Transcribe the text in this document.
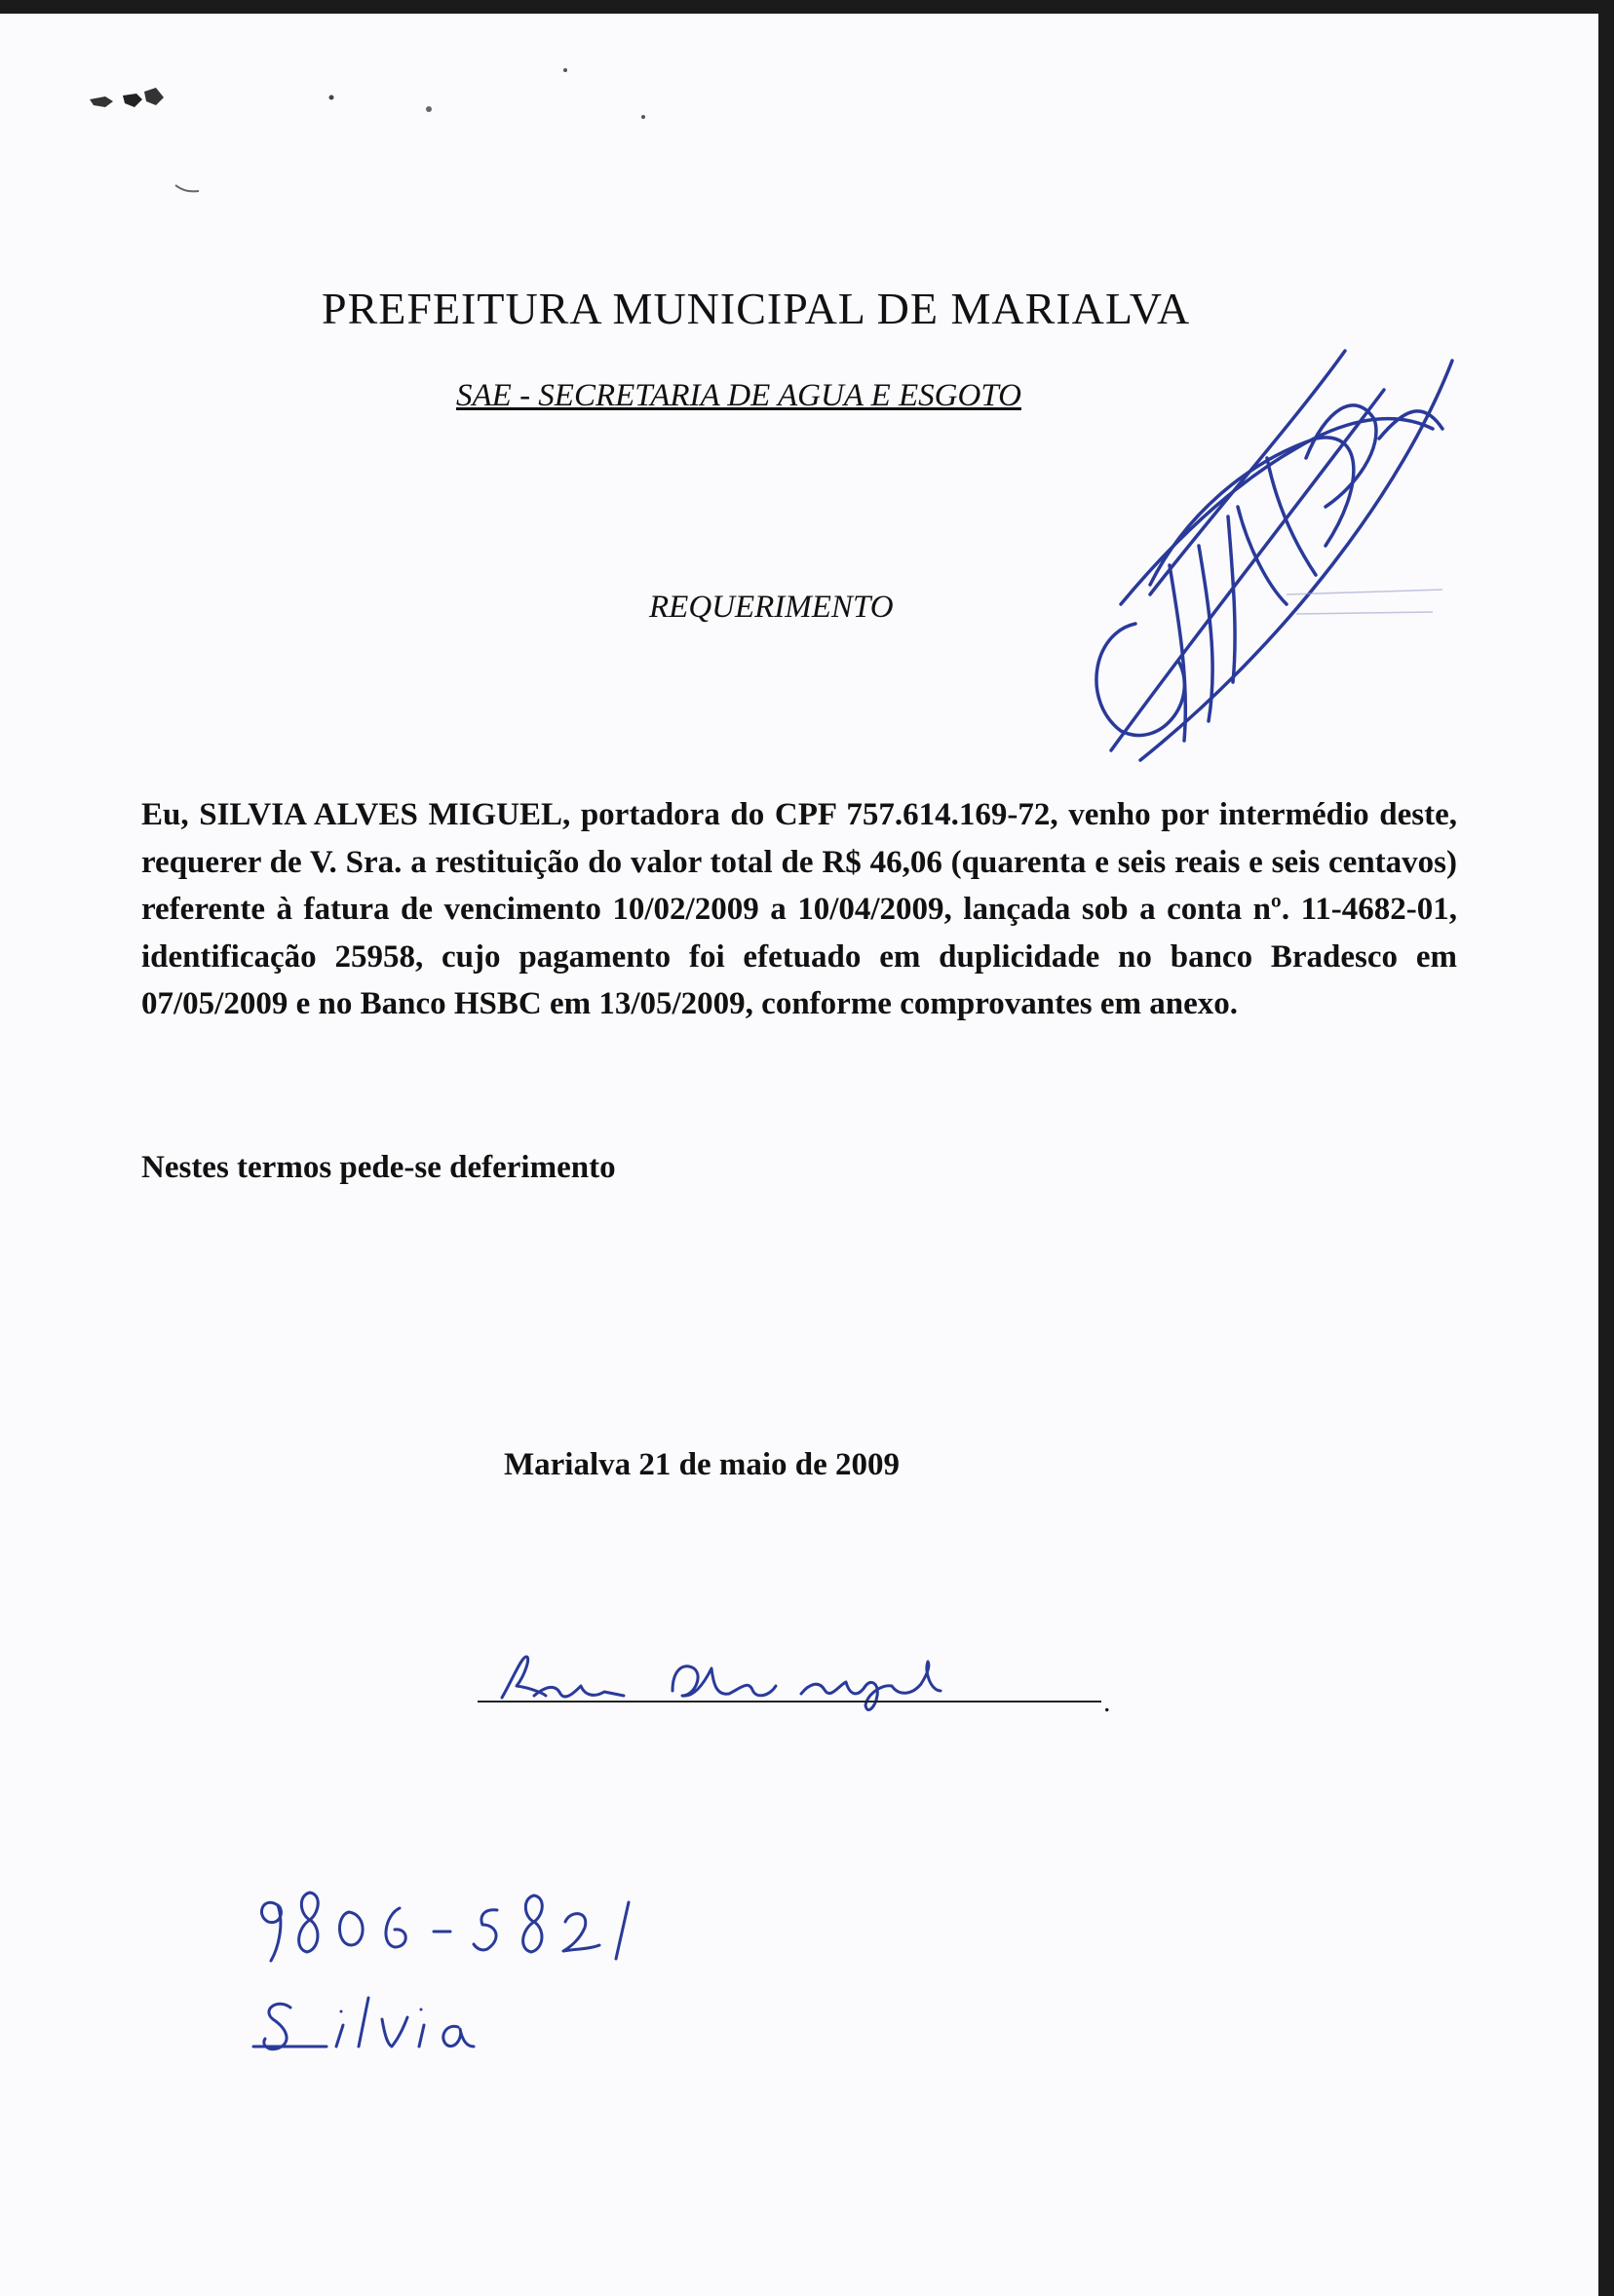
PREFEITURA MUNICIPAL DE MARIALVA
SAE - SECRETARIA DE AGUA E ESGOTO
REQUERIMENTO
Eu, SILVIA ALVES MIGUEL, portadora do CPF 757.614.169-72, venho por intermédio deste, requerer de V. Sra. a restituição do valor total de R$ 46,06 (quarenta e seis reais e seis centavos) referente à fatura de vencimento 10/02/2009 a 10/04/2009, lançada sob a conta nº. 11-4682-01, identificação 25958, cujo pagamento foi efetuado em duplicidade no banco Bradesco em 07/05/2009 e no Banco HSBC em 13/05/2009, conforme comprovantes em anexo.
Nestes termos pede-se deferimento
Marialva 21 de maio de 2009
.
